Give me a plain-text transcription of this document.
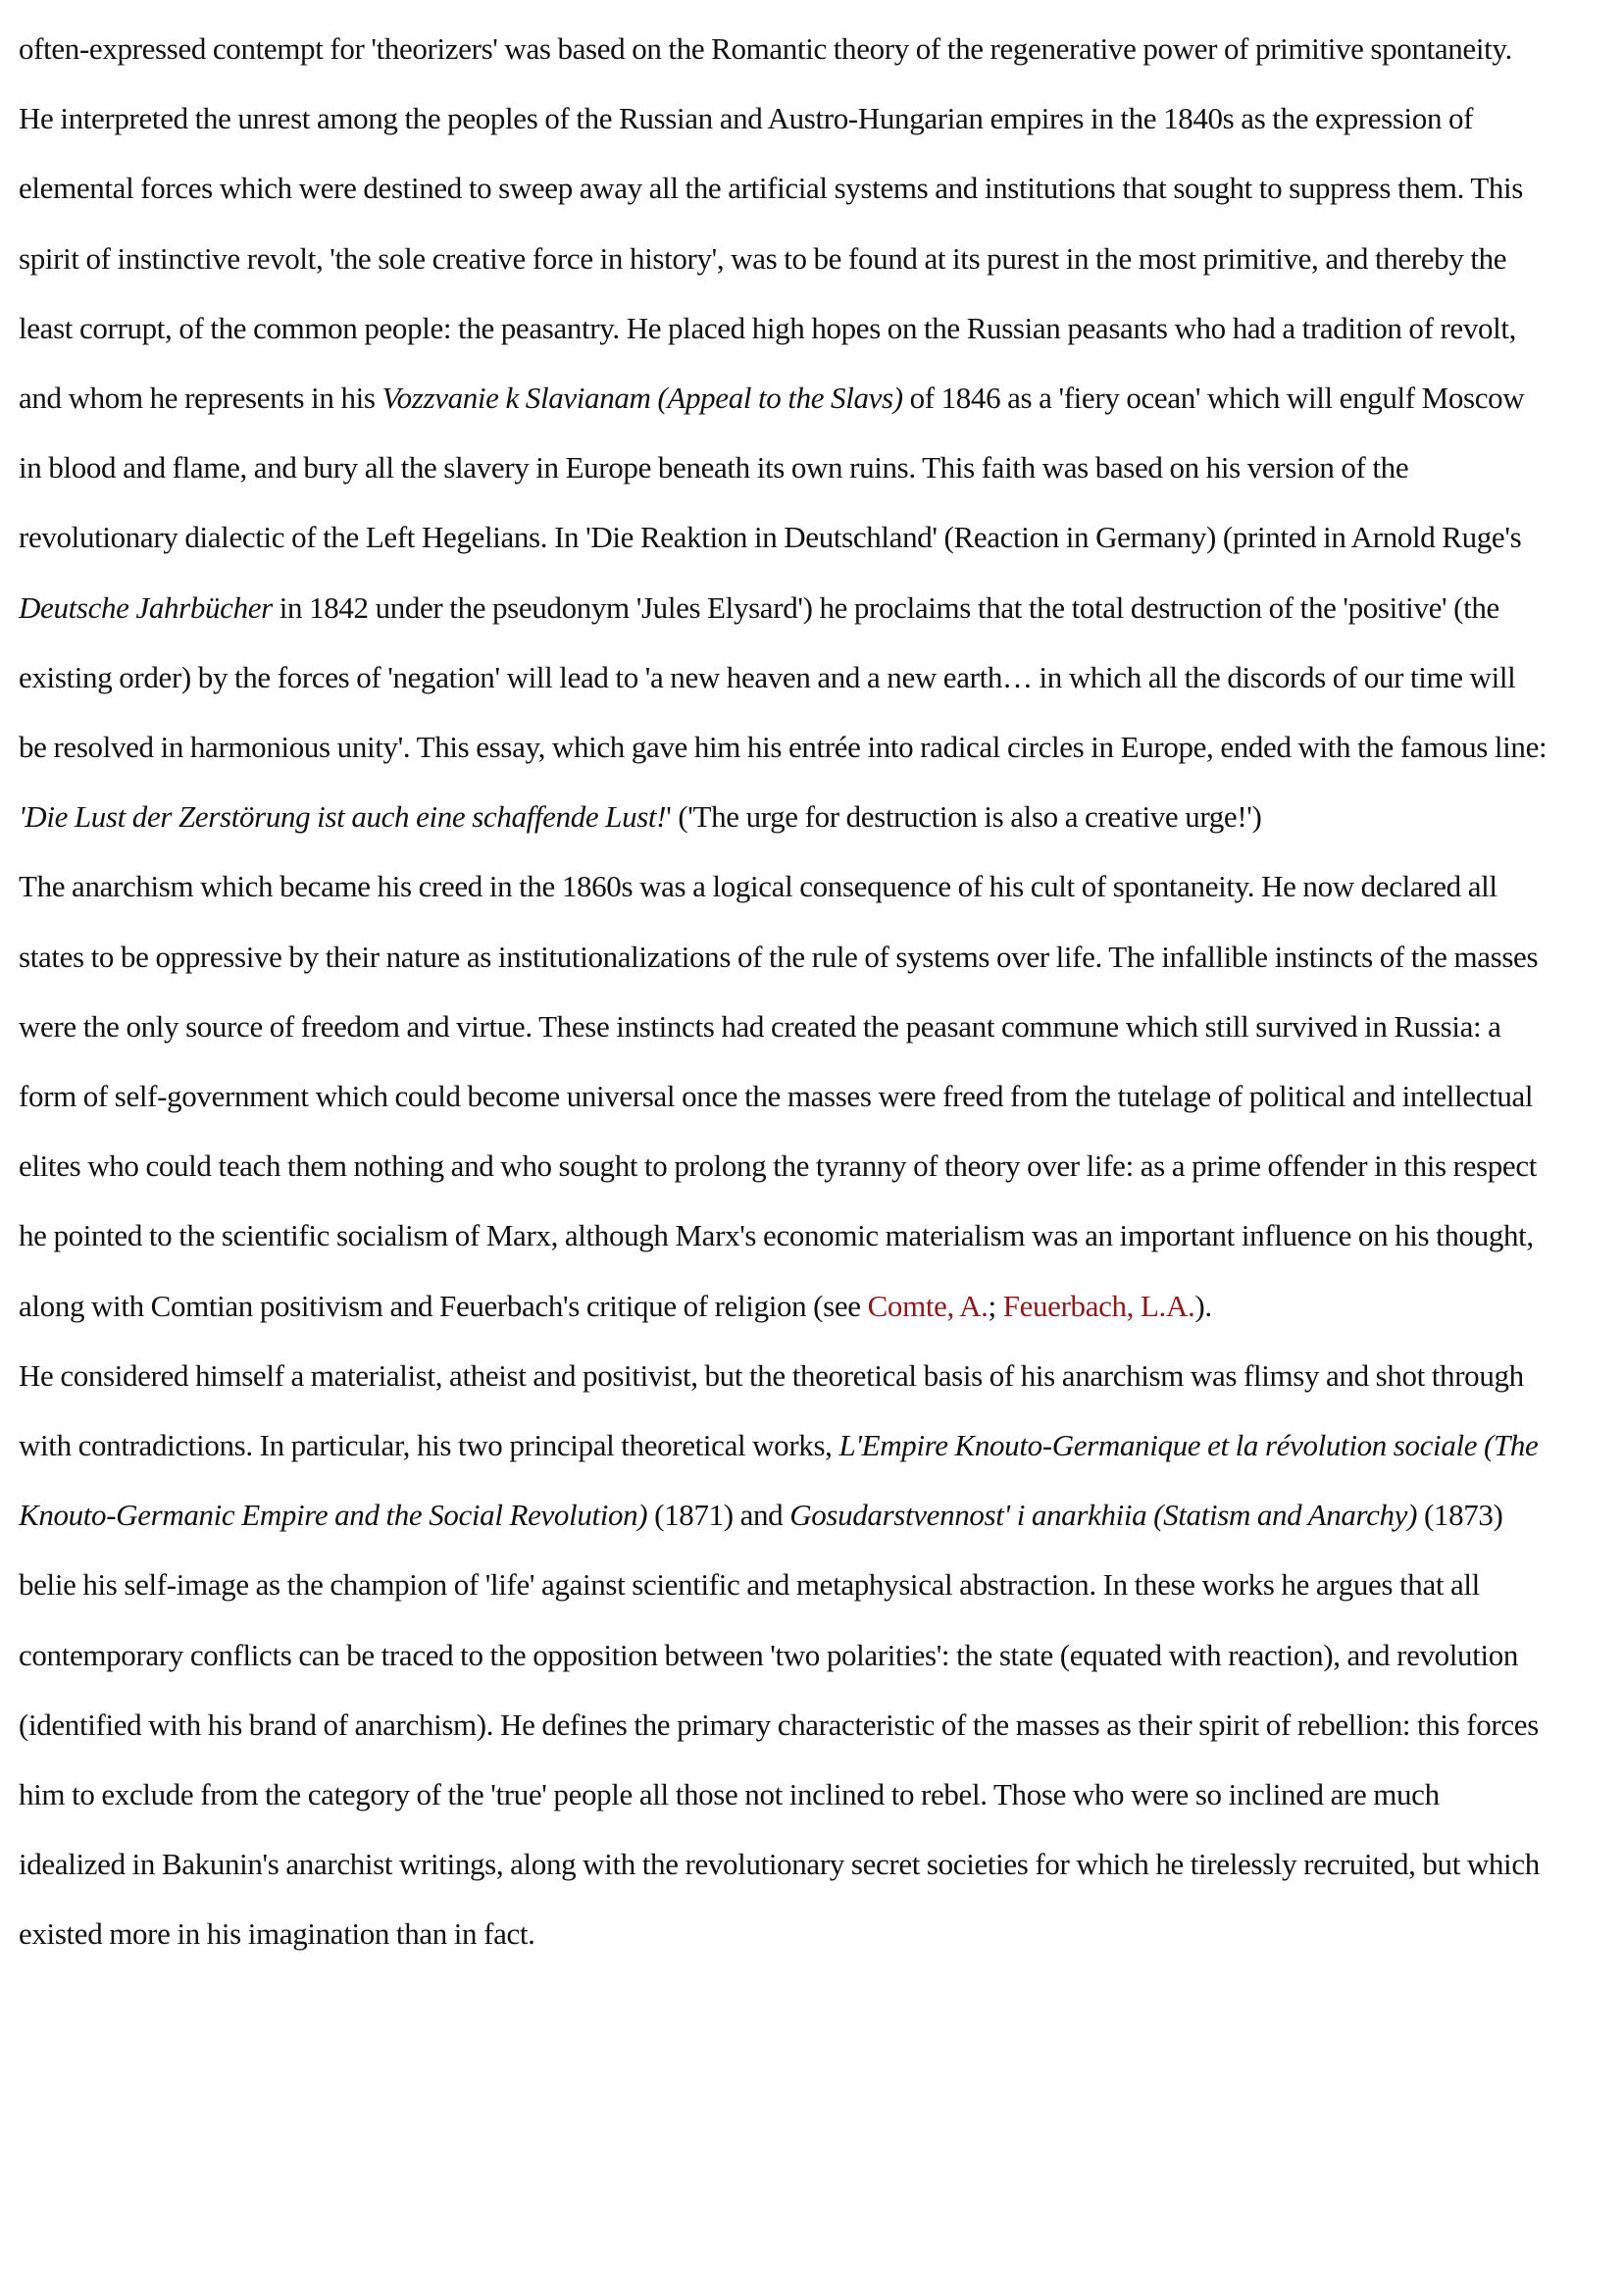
often-expressed contempt for 'theorizers' was based on the Romantic theory of the regenerative power of primitive spontaneity. He interpreted the unrest among the peoples of the Russian and Austro-Hungarian empires in the 1840s as the expression of elemental forces which were destined to sweep away all the artificial systems and institutions that sought to suppress them. This spirit of instinctive revolt, 'the sole creative force in history', was to be found at its purest in the most primitive, and thereby the least corrupt, of the common people: the peasantry. He placed high hopes on the Russian peasants who had a tradition of revolt, and whom he represents in his Vozzvanie k Slavianam (Appeal to the Slavs) of 1846 as a 'fiery ocean' which will engulf Moscow in blood and flame, and bury all the slavery in Europe beneath its own ruins. This faith was based on his version of the revolutionary dialectic of the Left Hegelians. In 'Die Reaktion in Deutschland' (Reaction in Germany) (printed in Arnold Ruge's Deutsche Jahrbücher in 1842 under the pseudonym 'Jules Elysard') he proclaims that the total destruction of the 'positive' (the existing order) by the forces of 'negation' will lead to 'a new heaven and a new earth… in which all the discords of our time will be resolved in harmonious unity'. This essay, which gave him his entrée into radical circles in Europe, ended with the famous line: 'Die Lust der Zerstörung ist auch eine schaffende Lust!' ('The urge for destruction is also a creative urge!')

The anarchism which became his creed in the 1860s was a logical consequence of his cult of spontaneity. He now declared all states to be oppressive by their nature as institutionalizations of the rule of systems over life. The infallible instincts of the masses were the only source of freedom and virtue. These instincts had created the peasant commune which still survived in Russia: a form of self-government which could become universal once the masses were freed from the tutelage of political and intellectual elites who could teach them nothing and who sought to prolong the tyranny of theory over life: as a prime offender in this respect he pointed to the scientific socialism of Marx, although Marx's economic materialism was an important influence on his thought, along with Comtian positivism and Feuerbach's critique of religion (see Comte, A.; Feuerbach, L.A.).

He considered himself a materialist, atheist and positivist, but the theoretical basis of his anarchism was flimsy and shot through with contradictions. In particular, his two principal theoretical works, L'Empire Knouto-Germanique et la révolution sociale (The Knouto-Germanic Empire and the Social Revolution) (1871) and Gosudarstvennost' i anarkhiia (Statism and Anarchy) (1873) belie his self-image as the champion of 'life' against scientific and metaphysical abstraction. In these works he argues that all contemporary conflicts can be traced to the opposition between 'two polarities': the state (equated with reaction), and revolution (identified with his brand of anarchism). He defines the primary characteristic of the masses as their spirit of rebellion: this forces him to exclude from the category of the 'true' people all those not inclined to rebel. Those who were so inclined are much idealized in Bakunin's anarchist writings, along with the revolutionary secret societies for which he tirelessly recruited, but which existed more in his imagination than in fact.
